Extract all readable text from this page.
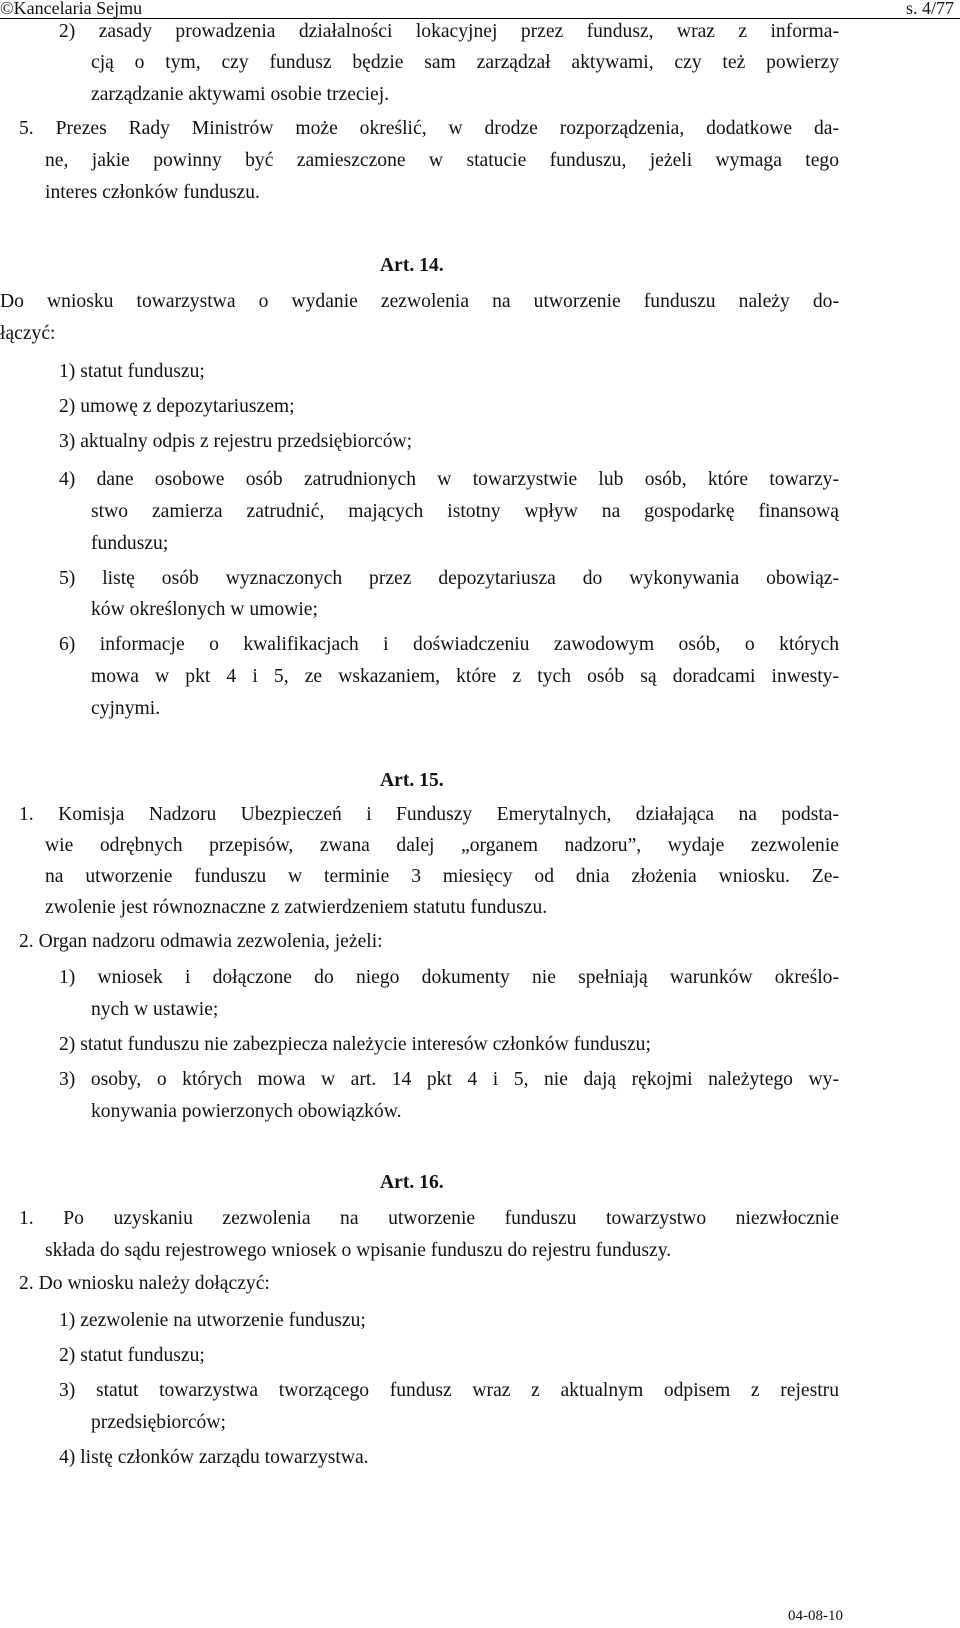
©Kancelaria Sejmu	s. 4/77

2) zasady prowadzenia działalności lokacyjnej przez fundusz, wraz z informa-

cją o tym, czy fundusz będzie sam zarządzał aktywami, czy też powierzy

zarządzanie aktywami osobie trzeciej.

5. Prezes Rady Ministrów może określić, w drodze rozporządzenia, dodatkowe da-

ne, jakie powinny być zamieszczone w statucie funduszu, jeżeli wymaga tego

interes członków funduszu.

Art. 14.

Do wniosku towarzystwa o wydanie zezwolenia na utworzenie funduszu należy do-

łączyć:

1) statut funduszu;

2) umowę z depozytariuszem;

3) aktualny odpis z rejestru przedsiębiorców;

4) dane osobowe osób zatrudnionych w towarzystwie lub osób, które towarzy-

stwo zamierza zatrudnić, mających istotny wpływ na gospodarkę finansową

funduszu;

5) listę osób wyznaczonych przez depozytariusza do wykonywania obowiąz-

ków określonych w umowie;

6) informacje o kwalifikacjach i doświadczeniu zawodowym osób, o których

mowa w pkt 4 i 5, ze wskazaniem, które z tych osób są doradcami inwesty-

cyjnymi.

Art. 15.

1. Komisja Nadzoru Ubezpieczeń i Funduszy Emerytalnych, działająca na podsta-

wie odrębnych przepisów, zwana dalej „organem nadzoru”, wydaje zezwolenie

na utworzenie funduszu w terminie 3 miesięcy od dnia złożenia wniosku. Ze-

zwolenie jest równoznaczne z zatwierdzeniem statutu funduszu.

2. Organ nadzoru odmawia zezwolenia, jeżeli:

1) wniosek i dołączone do niego dokumenty nie spełniają warunków określo-

nych w ustawie;

2) statut funduszu nie zabezpiecza należycie interesów członków funduszu;

3) osoby, o których mowa w art. 14 pkt 4 i 5, nie dają rękojmi należytego wy-

konywania powierzonych obowiązków.

Art. 16.

1. Po uzyskaniu zezwolenia na utworzenie funduszu towarzystwo niezwłocznie

składa do sądu rejestrowego wniosek o wpisanie funduszu do rejestru funduszy.

2. Do wniosku należy dołączyć:

1) zezwolenie na utworzenie funduszu;

2) statut funduszu;

3) statut towarzystwa tworzącego fundusz wraz z aktualnym odpisem z rejestru

przedsiębiorców;

4) listę członków zarządu towarzystwa.

04-08-10
